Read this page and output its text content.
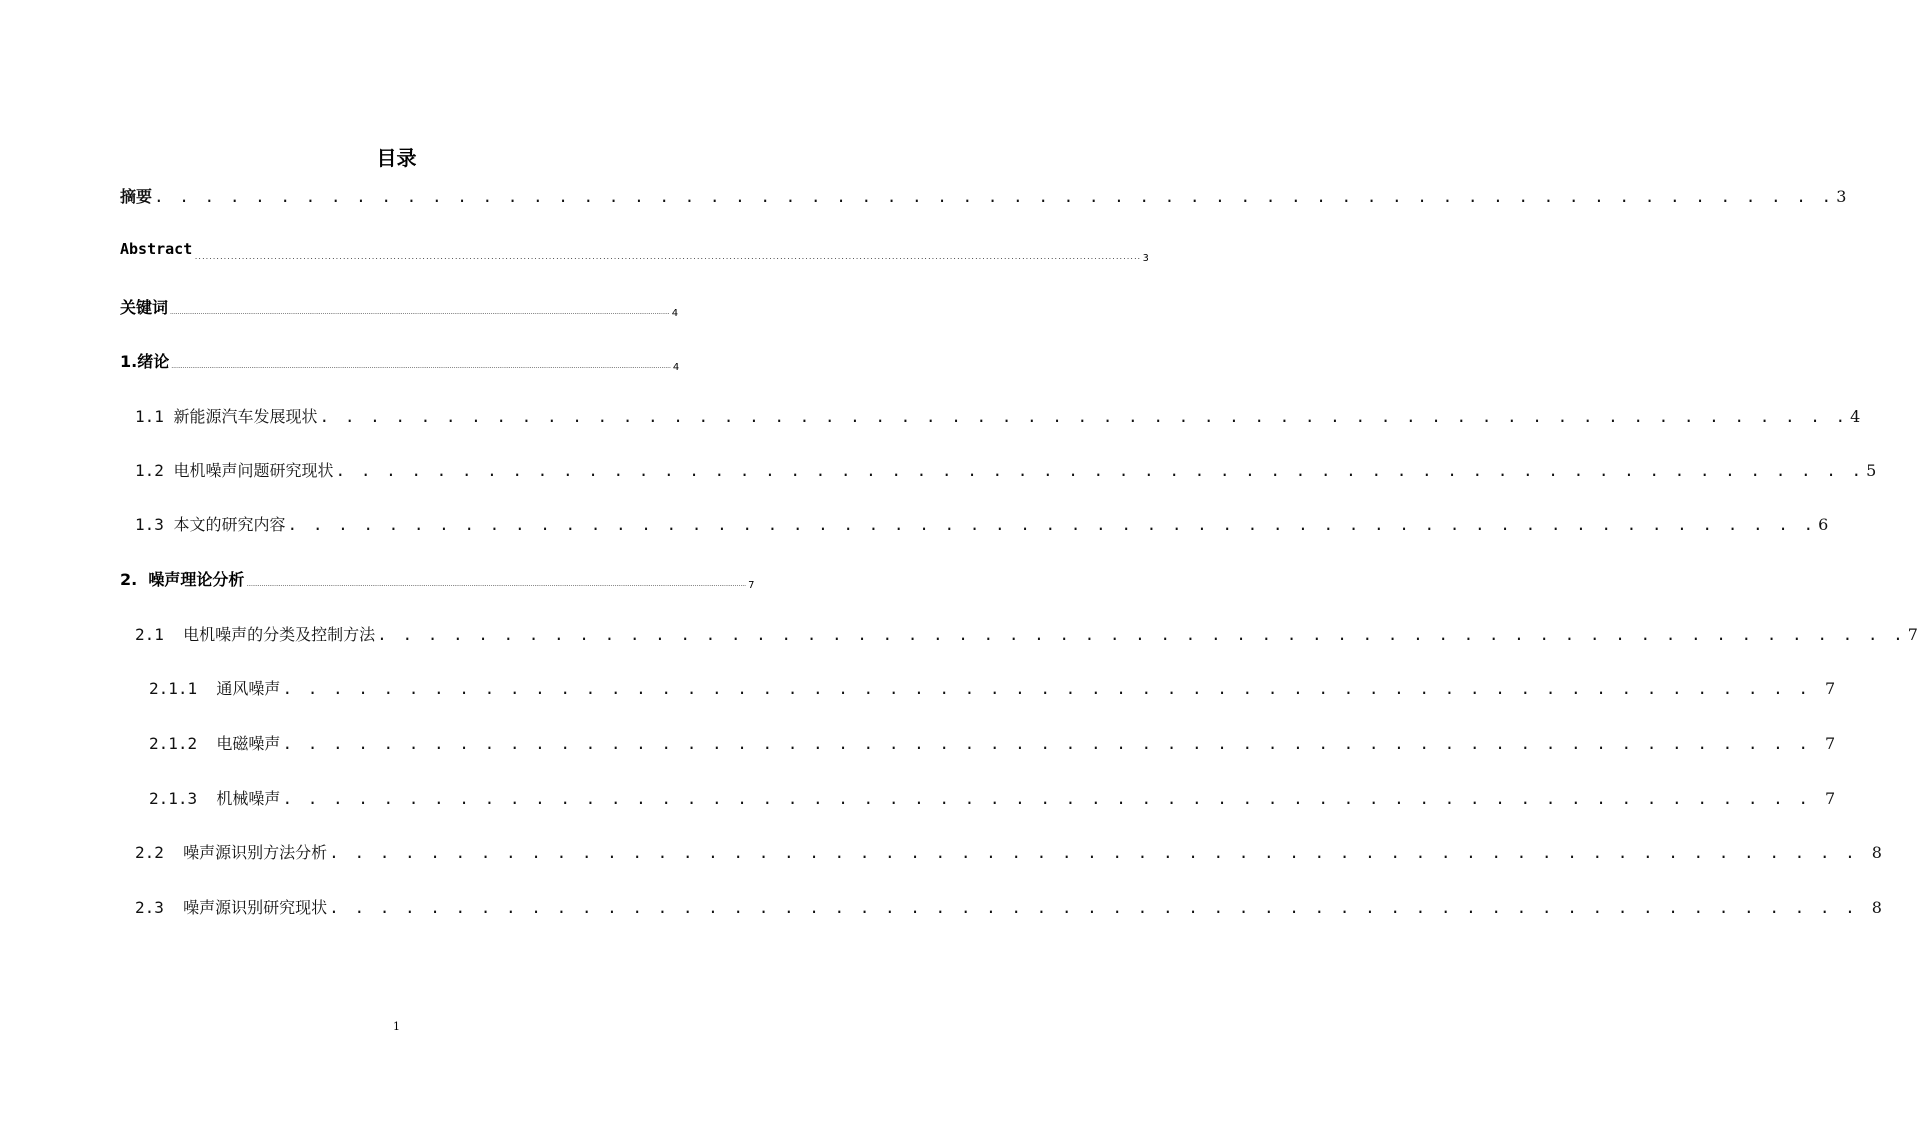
目录
摘要 . . . . . . . . . . . . . . . . . . . . . . . . . . . . . . . . . . . . . . . . . . . . . . . . . . . . . . . . . . . . . . . . . . . 3
Abstract ...................................................................................................................................................................................................................................................................... 3
关键词 ...................................................................................................................................................................................................................................................................... 4
1.绪论 ...................................................................................................................................................................................................................................................................... 4
1.1 新能源汽车发展现状 . . . . . . . . . . . . . . . . . . . . . . . . . . . . . . . . . . . . . . . . . . . . . . . . . . . . . . . . . . . . . 4
1.2 电机噪声问题研究现状 . . . . . . . . . . . . . . . . . . . . . . . . . . . . . . . . . . . . . . . . . . . . . . . . . . . . . . . . . . . . . 5
1.3 本文的研究内容 . . . . . . . . . . . . . . . . . . . . . . . . . . . . . . . . . . . . . . . . . . . . . . . . . . . . . . . . . . . . . 6
2.  噪声理论分析 ...................................................................................................................................................................................................................................................................... 7
2.1  电机噪声的分类及控制方法 . . . . . . . . . . . . . . . . . . . . . . . . . . . . . . . . . . . . . . . . . . . . . . . . . . . . . . . . . . . . . 7
2.1.1  通风噪声 . . . . . . . . . . . . . . . . . . . . . . . . . . . . . . . . . . . . . . . . . . . . . . . . . . . . . . . . . . . . . 7
2.1.2  电磁噪声 . . . . . . . . . . . . . . . . . . . . . . . . . . . . . . . . . . . . . . . . . . . . . . . . . . . . . . . . . . . . . 7
2.1.3  机械噪声 . . . . . . . . . . . . . . . . . . . . . . . . . . . . . . . . . . . . . . . . . . . . . . . . . . . . . . . . . . . . . 7
2.2  噪声源识别方法分析 . . . . . . . . . . . . . . . . . . . . . . . . . . . . . . . . . . . . . . . . . . . . . . . . . . . . . . . . . . . . . 8
2.3  噪声源识别研究现状 . . . . . . . . . . . . . . . . . . . . . . . . . . . . . . . . . . . . . . . . . . . . . . . . . . . . . . . . . . . . . 8
1
